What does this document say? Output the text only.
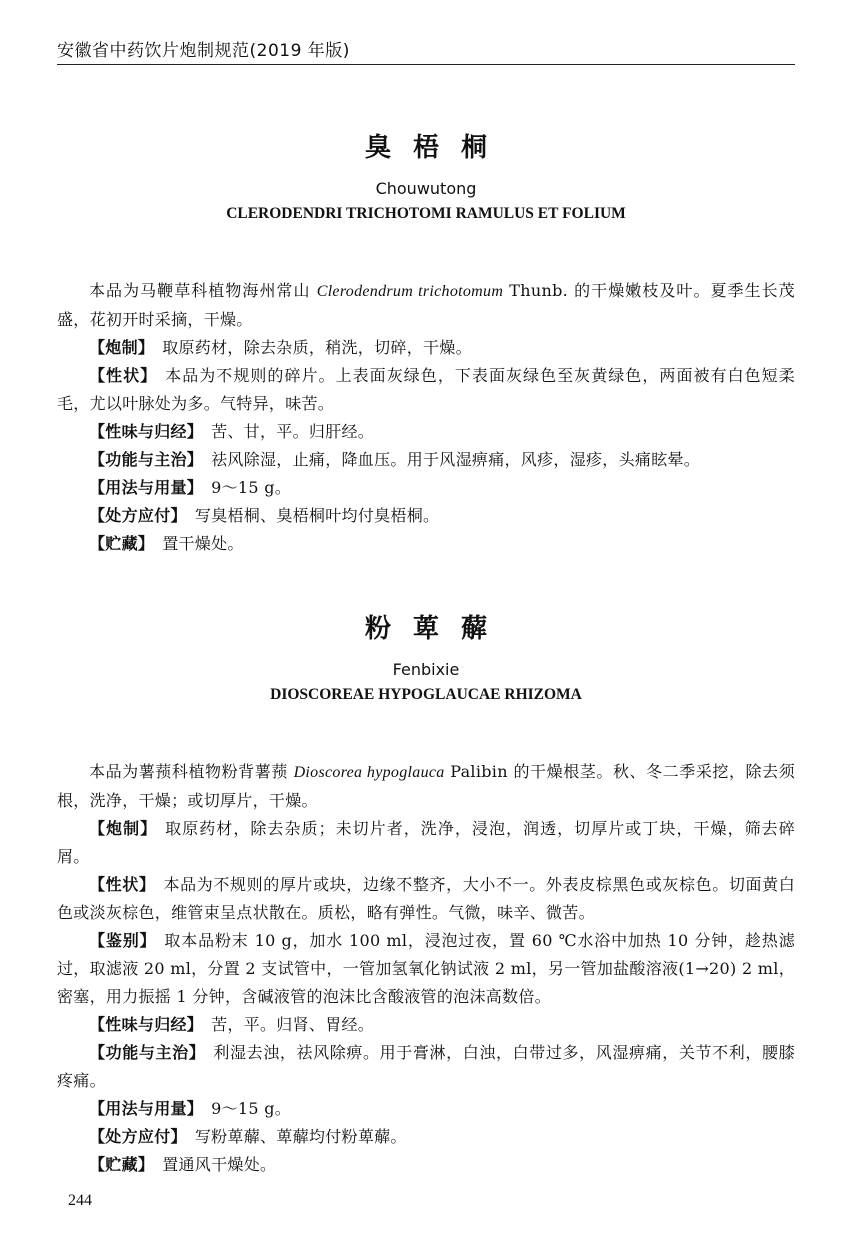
安徽省中药饮片炮制规范(2019 年版)
臭梧桐
Chouwutong
CLERODENDRI TRICHOTOMI RAMULUS ET FOLIUM

本品为马鞭草科植物海州常山 Clerodendrum trichotomum Thunb. 的干燥嫩枝及叶。夏季生长茂盛，花初开时采摘，干燥。

【炮制】 取原药材，除去杂质，稍洗，切碎，干燥。

【性状】 本品为不规则的碎片。上表面灰绿色，下表面灰绿色至灰黄绿色，两面被有白色短柔毛，尤以叶脉处为多。气特异，味苦。

【性味与归经】 苦、甘，平。归肝经。

【功能与主治】 祛风除湿，止痛，降血压。用于风湿痹痛，风疹，湿疹，头痛眩晕。

【用法与用量】 9～15 g。

【处方应付】 写臭梧桐、臭梧桐叶均付臭梧桐。

【贮藏】 置干燥处。

粉萆薢
Fenbixie
DIOSCOREAE HYPOGLAUCAE RHIZOMA

本品为薯蓣科植物粉背薯蓣 Dioscorea hypoglauca Palibin 的干燥根茎。秋、冬二季采挖，除去须根，洗净，干燥；或切厚片，干燥。

【炮制】 取原药材，除去杂质；未切片者，洗净，浸泡，润透，切厚片或丁块，干燥，筛去碎屑。

【性状】 本品为不规则的厚片或块，边缘不整齐，大小不一。外表皮棕黑色或灰棕色。切面黄白色或淡灰棕色，维管束呈点状散在。质松，略有弹性。气微，味辛、微苦。

【鉴别】 取本品粉末 10 g，加水 100 ml，浸泡过夜，置 60 ℃水浴中加热 10 分钟，趁热滤过，取滤液 20 ml，分置 2 支试管中，一管加氢氧化钠试液 2 ml，另一管加盐酸溶液(1→20) 2 ml，密塞，用力振摇 1 分钟，含碱液管的泡沫比含酸液管的泡沫高数倍。

【性味与归经】 苦，平。归肾、胃经。

【功能与主治】 利湿去浊，祛风除痹。用于膏淋，白浊，白带过多，风湿痹痛，关节不利，腰膝疼痛。

【用法与用量】 9～15 g。

【处方应付】 写粉萆薢、萆薢均付粉萆薢。

【贮藏】 置通风干燥处。

244
